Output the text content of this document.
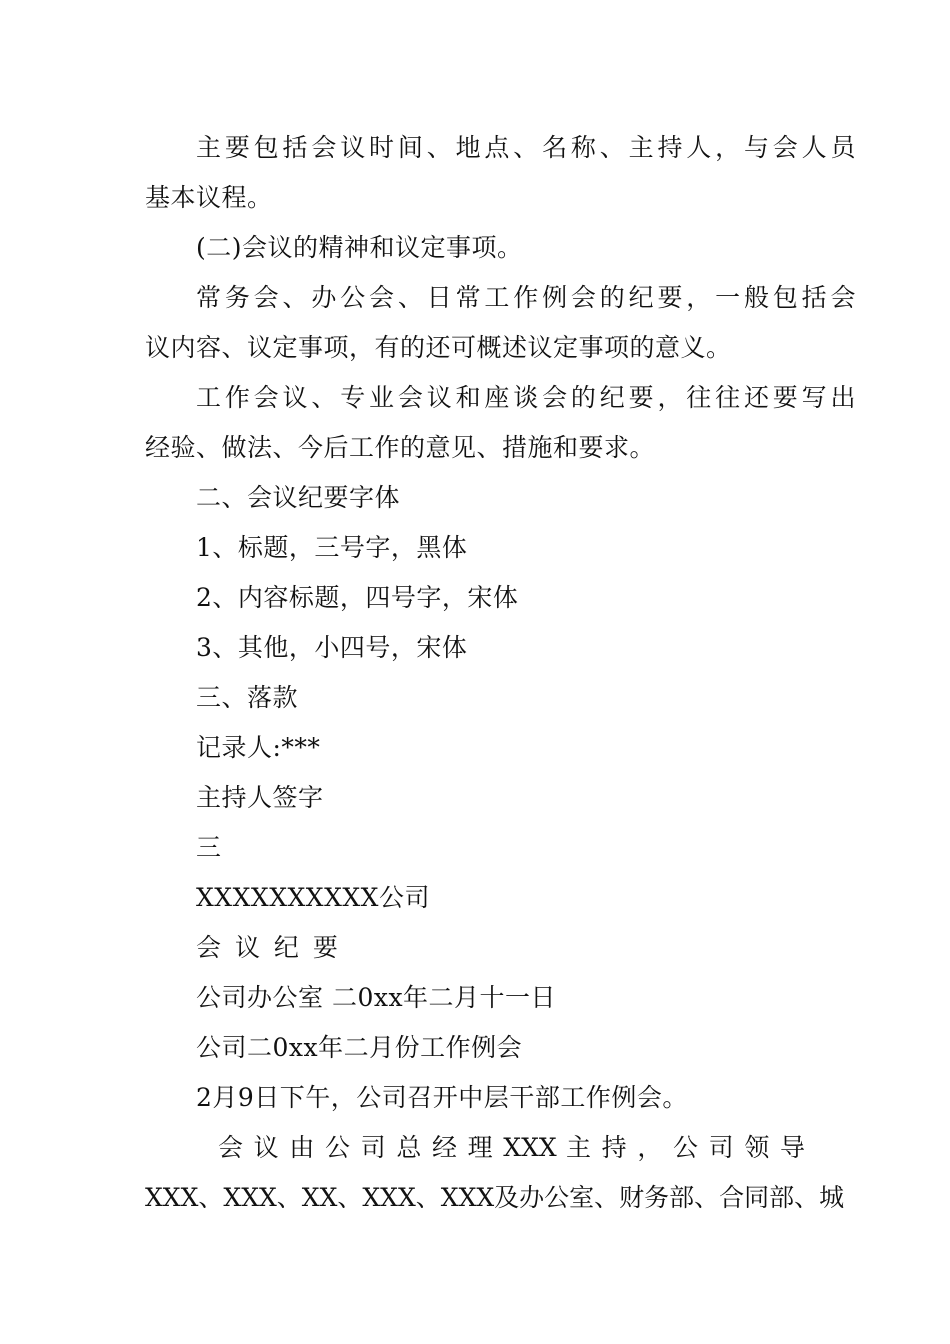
主要包括会议时间、地点、名称、主持人，与会人员
基本议程。
(二)会议的精神和议定事项。
常务会、办公会、日常工作例会的纪要，一般包括会
议内容、议定事项，有的还可概述议定事项的意义。
工作会议、专业会议和座谈会的纪要，往往还要写出
经验、做法、今后工作的意见、措施和要求。
二、会议纪要字体
1、标题，三号字，黑体
2、内容标题，四号字，宋体
3、其他，小四号，宋体
三、落款
记录人:***
主持人签字
三
XXXXXXXXXX公司
会 议 纪 要
公司办公室 二0xx年二月十一日
公司二0xx年二月份工作例会
2月9日下午，公司召开中层干部工作例会。
会 议 由 公 司 总 经 理 XXX 主 持 ， 公 司 领 导
XXX、XXX、XX、XXX、XXX及办公室、财务部、合同部、城
